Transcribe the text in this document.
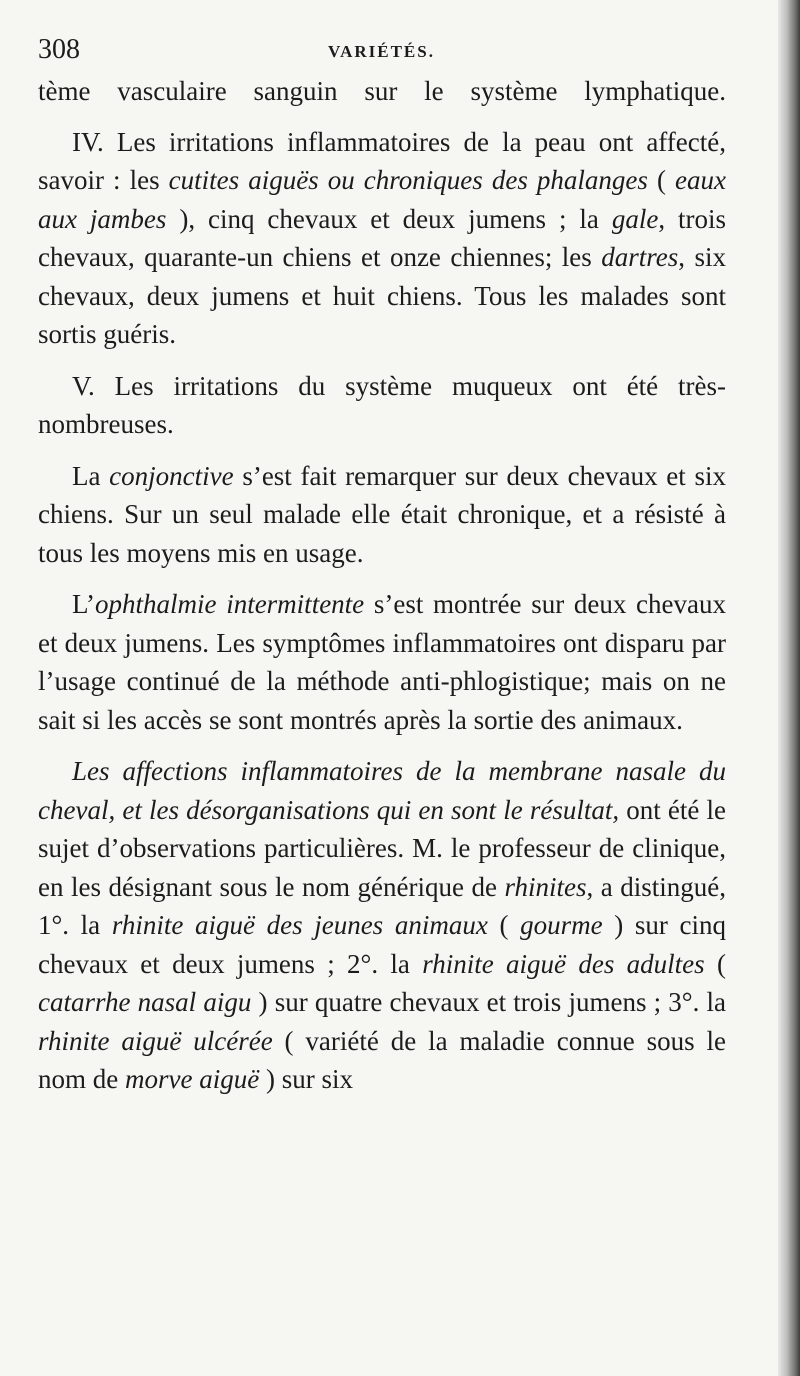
308	VARIÉTÉS.

tème vasculaire sanguin sur le système lymphatique.

IV. Les irritations inflammatoires de la peau ont affecté, savoir : les cutites aiguës ou chroniques des phalanges ( eaux aux jambes ), cinq chevaux et deux jumens ; la gale, trois chevaux, quarante-un chiens et onze chiennes; les dartres, six chevaux, deux jumens et huit chiens. Tous les malades sont sortis guéris.

V. Les irritations du système muqueux ont été très-nombreuses.

La conjonctive s’est fait remarquer sur deux chevaux et six chiens. Sur un seul malade elle était chronique, et a résisté à tous les moyens mis en usage.

L’ophthalmie intermittente s’est montrée sur deux chevaux et deux jumens. Les symptômes inflammatoires ont disparu par l’usage continué de la méthode anti-phlogistique; mais on ne sait si les accès se sont montrés après la sortie des animaux.

Les affections inflammatoires de la membrane nasale du cheval, et les désorganisations qui en sont le résultat, ont été le sujet d’observations particulières. M. le professeur de clinique, en les désignant sous le nom générique de rhinites, a distingué, 1°. la rhinite aiguë des jeunes animaux ( gourme ) sur cinq chevaux et deux jumens ; 2°. la rhinite aiguë des adultes ( catarrhe nasal aigu ) sur quatre chevaux et trois jumens ; 3°. la rhinite aiguë ulcérée ( variété de la maladie connue sous le nom de morve aiguë ) sur six
